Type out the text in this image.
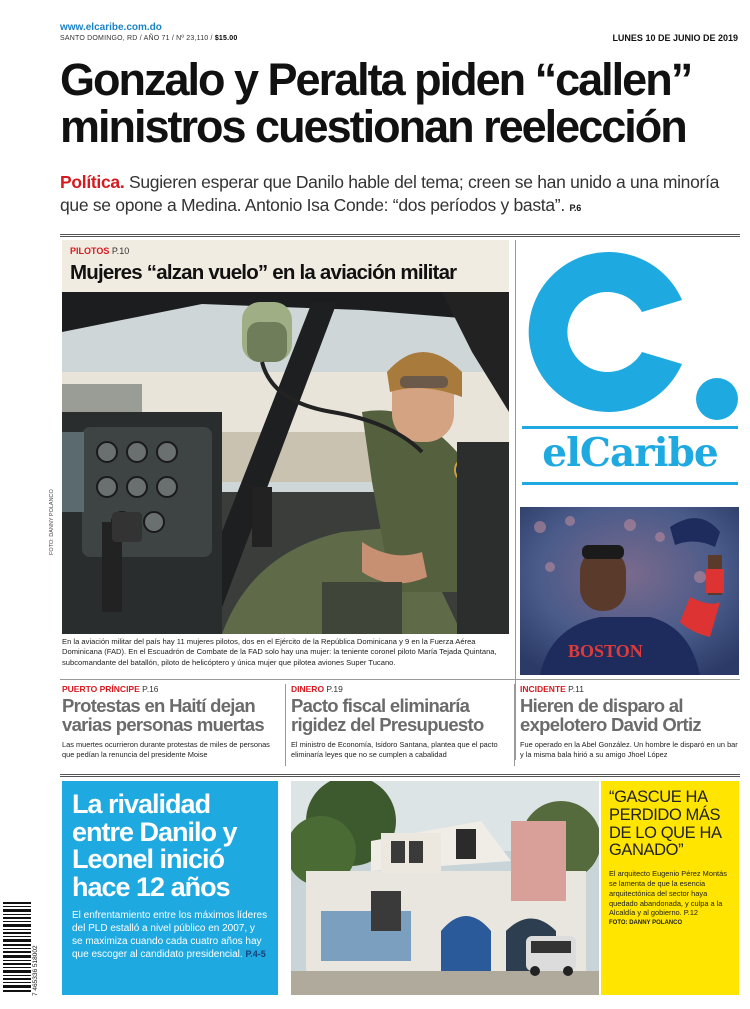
www.elcaribe.com.do
SANTO DOMINGO, RD / AÑO 71 / Nº 23,110 / $15.00	LUNES 10 DE JUNIO DE 2019
Gonzalo y Peralta piden “callen”
ministros cuestionan reelección
Política. Sugieren esperar que Danilo hable del tema; creen se han unido a una minoría que se opone a Medina. Antonio Isa Conde: “dos períodos y basta”. P.6
PILOTOS P.10
Mujeres “alzan vuelo” en la aviación militar
FOTO: DANNY POLANCO
En la aviación militar del país hay 11 mujeres pilotos, dos en el Ejército de la República Dominicana y 9 en la Fuerza Aérea Dominicana (FAD). En el Escuadrón de Combate de la FAD solo hay una mujer: la teniente coronel piloto María Tejada Quintana, subcomandante del batallón, piloto de helicóptero y única mujer que pilotea aviones Super Tucano.
elCaribe
BOSTON
PUERTO PRÍNCIPE P.16
Protestas en Haití dejan varias personas muertas
Las muertes ocurrieron durante protestas de miles de personas que pedían la renuncia del presidente Moise
DINERO P.19
Pacto fiscal eliminaría rigidez del Presupuesto
El ministro de Economía, Isidoro Santana, plantea que el pacto eliminaría leyes que no se cumplen a cabalidad
INCIDENTE P.11
Hieren de disparo al expelotero David Ortiz
Fue operado en la Abel González. Un hombre le disparó en un bar y la misma bala hirió a su amigo Jhoel López
La rivalidad entre Danilo y Leonel inició hace 12 años
El enfrentamiento entre los máximos líderes del PLD estalló a nivel público en 2007, y se maximiza cuando cada cuatro años hay que escoger al candidato presidencial. P.4-5
“GASCUE HA PERDIDO MÁS DE LO QUE HA GANADO”
El arquitecto Eugenio Pérez Montás se lamenta de que la esencia arquitectónica del sector haya quedado abandonada, y culpa a la Alcaldía y al gobierno. P.12
FOTO: DANNY POLANCO
7 465336 518002
